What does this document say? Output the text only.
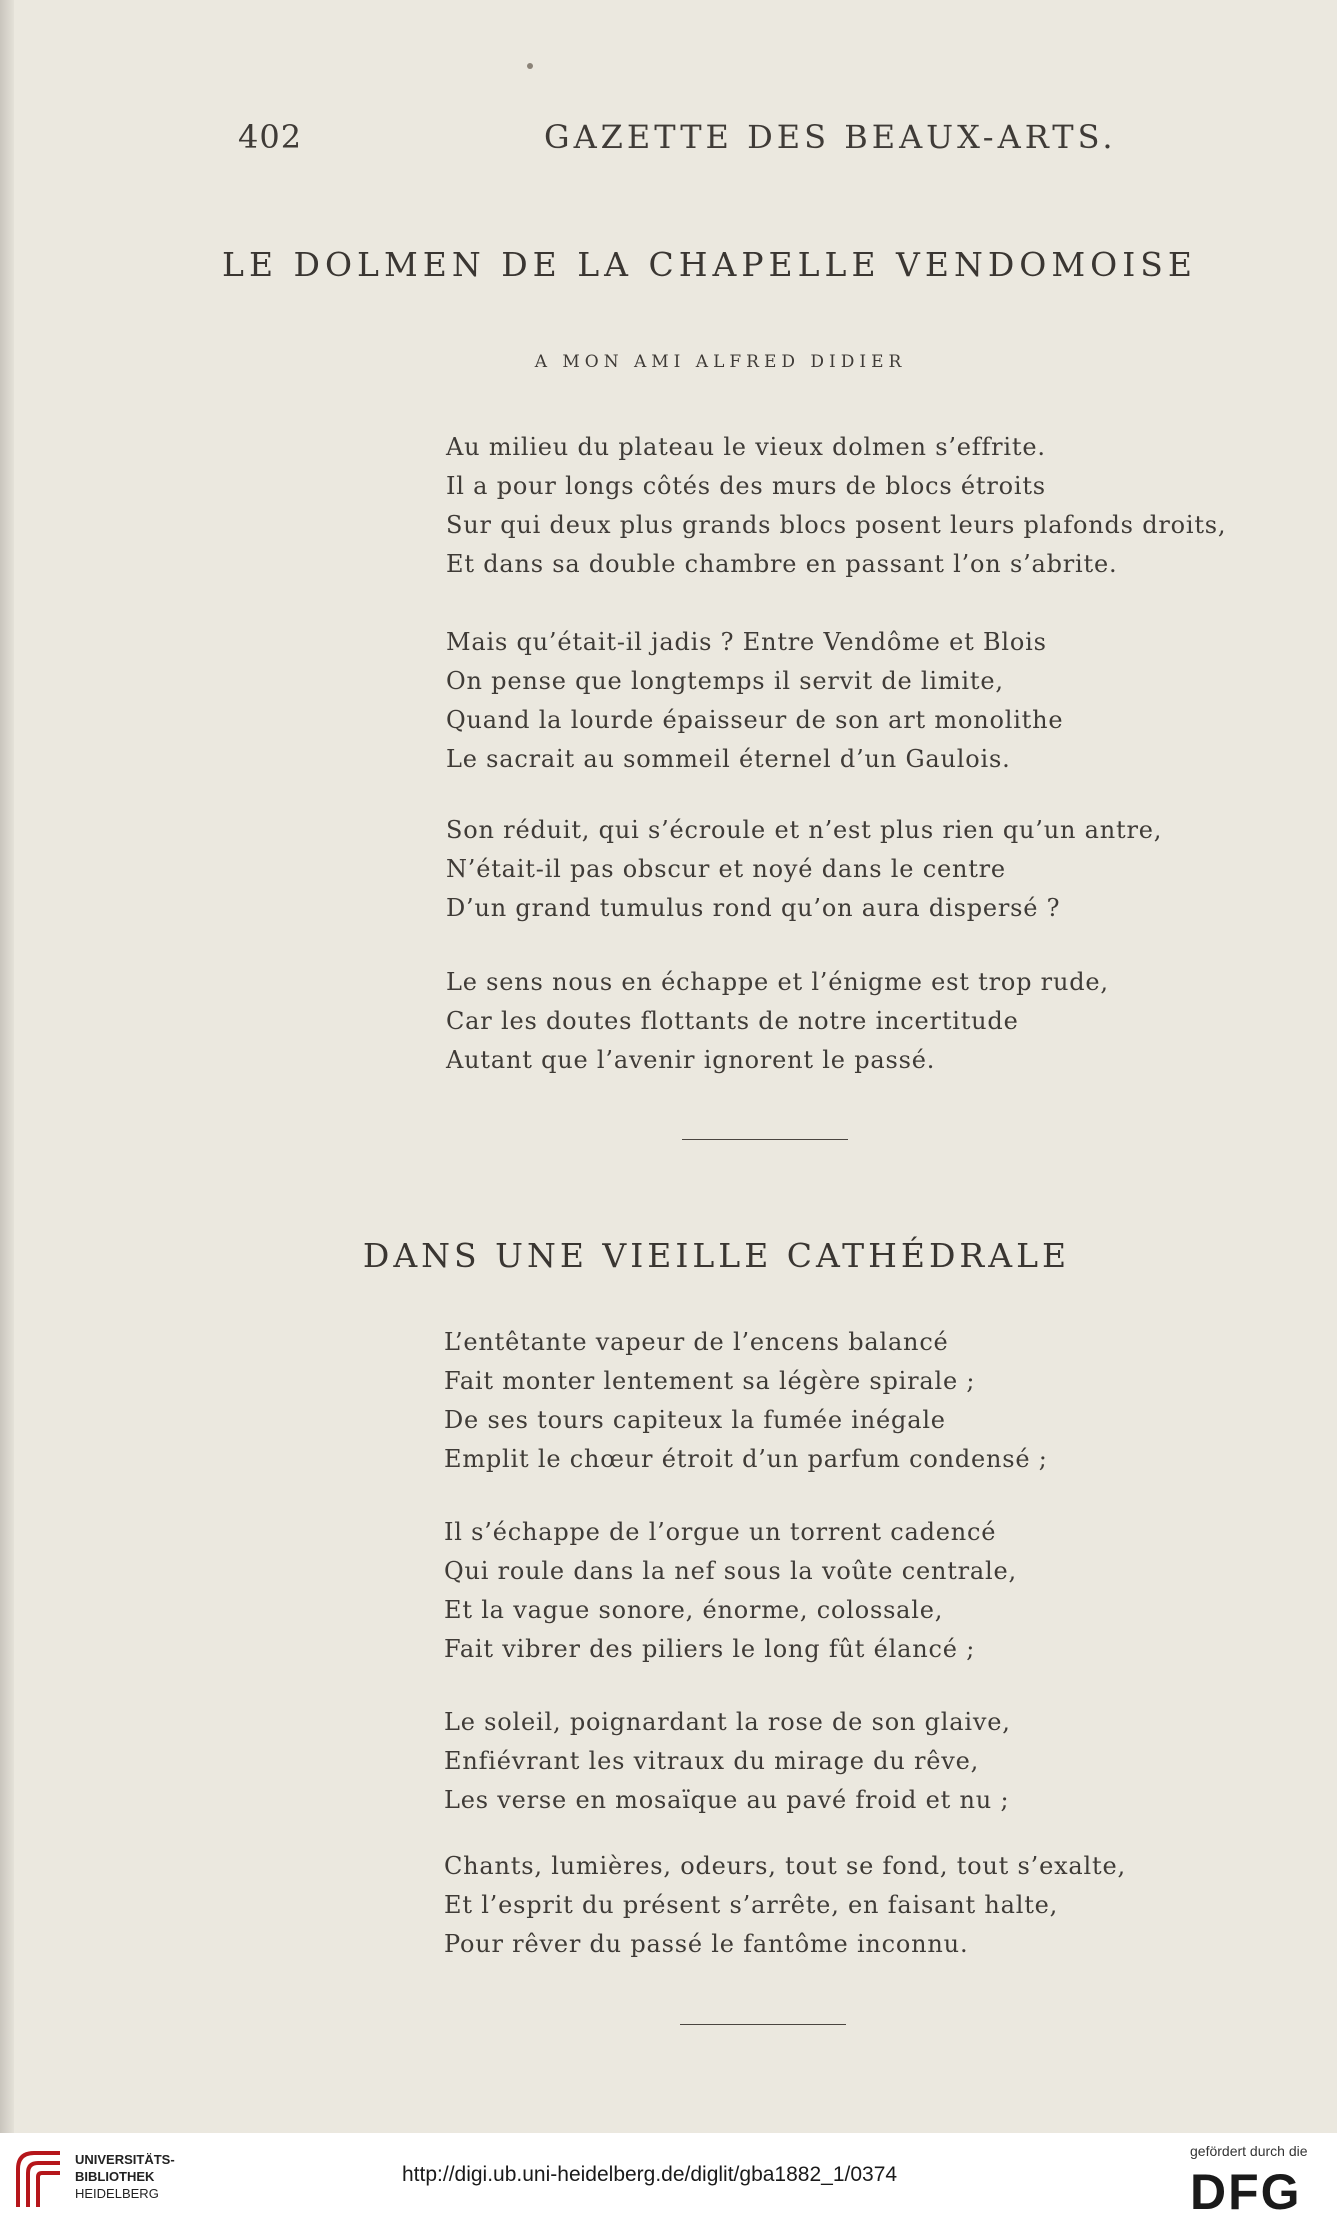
402	GAZETTE DES BEAUX-ARTS.
LE DOLMEN DE LA CHAPELLE VENDOMOISE
A MON AMI ALFRED DIDIER
Au milieu du plateau le vieux dolmen s’effrite.
Il a pour longs côtés des murs de blocs étroits
Sur qui deux plus grands blocs posent leurs plafonds droits,
Et dans sa double chambre en passant l’on s’abrite.
Mais qu’était-il jadis ? Entre Vendôme et Blois
On pense que longtemps il servit de limite,
Quand la lourde épaisseur de son art monolithe
Le sacrait au sommeil éternel d’un Gaulois.
Son réduit, qui s’écroule et n’est plus rien qu’un antre,
N’était-il pas obscur et noyé dans le centre
D’un grand tumulus rond qu’on aura dispersé ?
Le sens nous en échappe et l’énigme est trop rude,
Car les doutes flottants de notre incertitude
Autant que l’avenir ignorent le passé.
DANS UNE VIEILLE CATHÉDRALE
L’entêtante vapeur de l’encens balancé
Fait monter lentement sa légère spirale ;
De ses tours capiteux la fumée inégale
Emplit le chœur étroit d’un parfum condensé ;
Il s’échappe de l’orgue un torrent cadencé
Qui roule dans la nef sous la voûte centrale,
Et la vague sonore, énorme, colossale,
Fait vibrer des piliers le long fût élancé ;
Le soleil, poignardant la rose de son glaive,
Enfiévrant les vitraux du mirage du rêve,
Les verse en mosaïque au pavé froid et nu ;
Chants, lumières, odeurs, tout se fond, tout s’exalte,
Et l’esprit du présent s’arrête, en faisant halte,
Pour rêver du passé le fantôme inconnu.
UNIVERSITÄTS-
BIBLIOTHEK
HEIDELBERG
http://digi.ub.uni-heidelberg.de/diglit/gba1882_1/0374
gefördert durch die
DFG
